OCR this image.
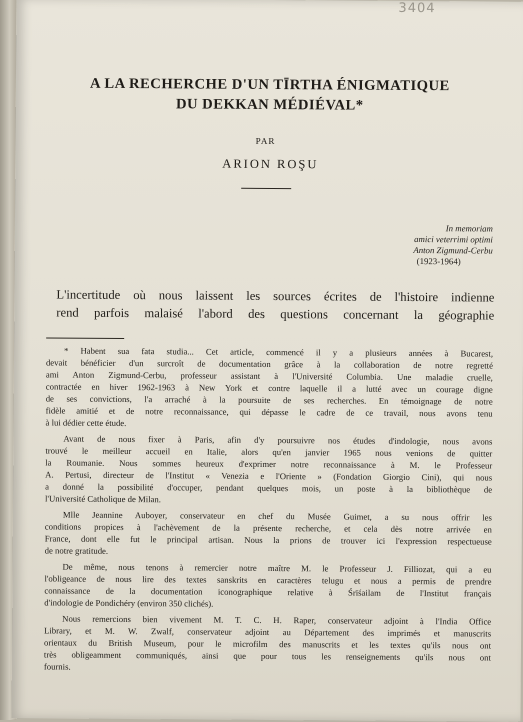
3404
A LA RECHERCHE D'UN TĪRTHA ÉNIGMATIQUE
DU DEKKAN MÉDIÉVAL*
PAR
ARION ROŞU
In memoriam
amici veterrimi optimi
Anton Zigmund-Cerbu
(1923-1964)
L'incertitude où nous laissent les sources écrites de l'histoire indienne
rend parfois malaisé l'abord des questions concernant la géographie
* Habent sua fata studia... Cet article, commencé il y a plusieurs années à Bucarest,
devait bénéficier d'un surcroît de documentation grâce à la collaboration de notre regretté
ami Anton Zigmund-Cerbu, professeur assistant à l'Université Columbia. Une maladie cruelle,
contractée en hiver 1962-1963 à New York et contre laquelle il a lutté avec un courage digne
de ses convictions, l'a arraché à la poursuite de ses recherches. En témoignage de notre
fidèle amitié et de notre reconnaissance, qui dépasse le cadre de ce travail, nous avons tenu
à lui dédier cette étude.
Avant de nous fixer à Paris, afin d'y poursuivre nos études d'indologie, nous avons
trouvé le meilleur accueil en Italie, alors qu'en janvier 1965 nous venions de quitter
la Roumanie. Nous sommes heureux d'exprimer notre reconnaissance à M. le Professeur
A. Pertusi, directeur de l'Institut « Venezia e l'Oriente » (Fondation Giorgio Cini), qui nous
a donné la possibilité d'occuper, pendant quelques mois, un poste à la bibliothèque de
l'Université Catholique de Milan.
Mlle Jeannine Auboyer, conservateur en chef du Musée Guimet, a su nous offrir les
conditions propices à l'achèvement de la présente recherche, et cela dès notre arrivée en
France, dont elle fut le principal artisan. Nous la prions de trouver ici l'expression respectueuse
de notre gratitude.
De même, nous tenons à remercier notre maître M. le Professeur J. Filliozat, qui a eu
l'obligeance de nous lire des textes sanskrits en caractères telugu et nous a permis de prendre
connaissance de la documentation iconographique relative à Śrīśailam de l'Institut français
d'indologie de Pondichéry (environ 350 clichés).
Nous remercions bien vivement M. T. C. H. Raper, conservateur adjoint à l'India Office
Library, et M. W. Zwalf, conservateur adjoint au Département des imprimés et manuscrits
orientaux du British Museum, pour le microfilm des manuscrits et les textes qu'ils nous ont
très obligeamment communiqués, ainsi que pour tous les renseignements qu'ils nous ont
fournis.
